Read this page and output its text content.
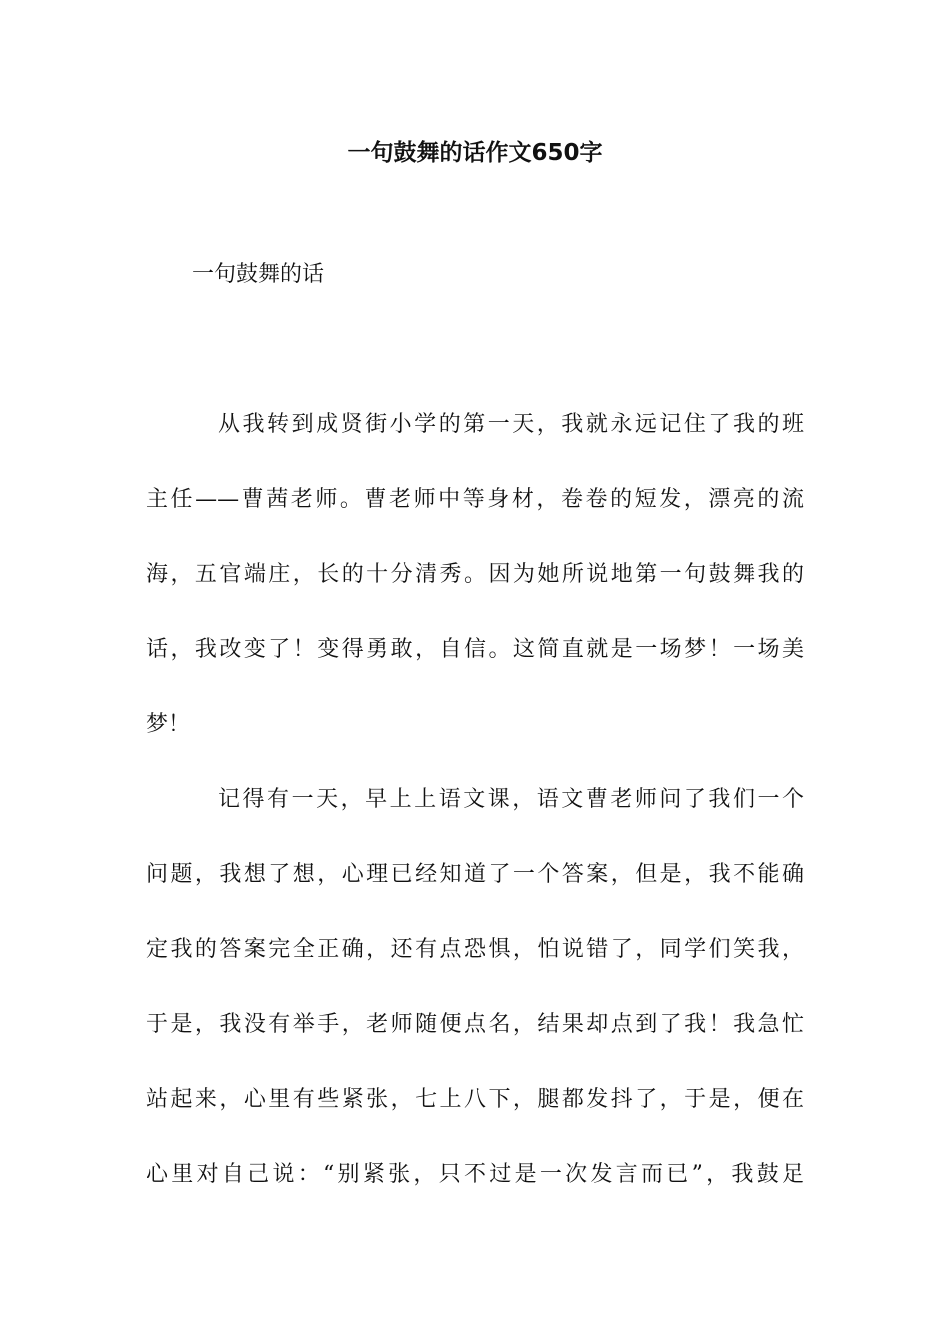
一句鼓舞的话作文650字
一句鼓舞的话
从我转到成贤街小学的第一天，我就永远记住了我的班
主任——曹茜老师。曹老师中等身材，卷卷的短发，漂亮的流
海，五官端庄，长的十分清秀。因为她所说地第一句鼓舞我的
话，我改变了！变得勇敢，自信。这简直就是一场梦！一场美
梦！
记得有一天，早上上语文课，语文曹老师问了我们一个
问题，我想了想，心理已经知道了一个答案，但是，我不能确
定我的答案完全正确，还有点恐惧，怕说错了，同学们笑我，
于是，我没有举手，老师随便点名，结果却点到了我！我急忙
站起来，心里有些紧张，七上八下，腿都发抖了，于是，便在
心里对自己说：“别紧张，只不过是一次发言而已”，我鼓足
